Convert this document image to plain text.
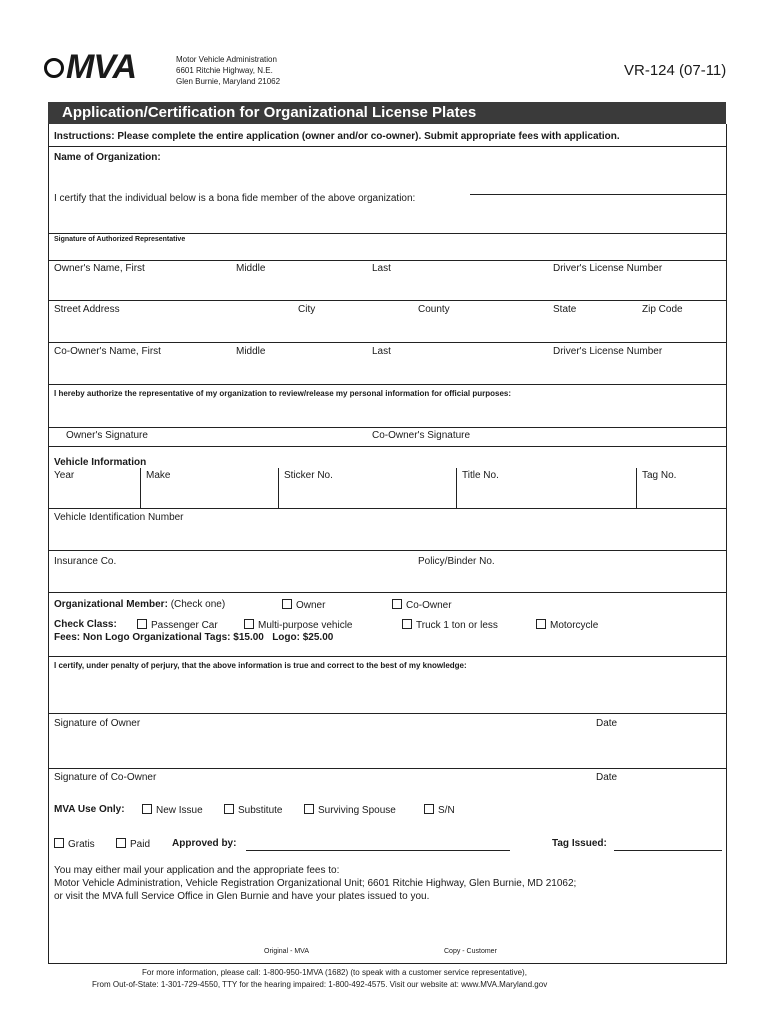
MVA	Motor Vehicle Administration
6601 Ritchie Highway, N.E.
Glen Burnie, Maryland 21062
VR-124 (07-11)
Application/Certification for Organizational License Plates
Instructions: Please complete the entire application (owner and/or co-owner). Submit appropriate fees with application.
Name of Organization:
I certify that the individual below is a bona fide member of the above organization:
Signature of Authorized Representative
Owner's Name, First	Middle	Last	Driver's License Number
Street Address	City	County	State	Zip Code
Co-Owner's Name, First	Middle	Last	Driver's License Number
I hereby authorize the representative of my organization to review/release my personal information for official purposes:
Owner's Signature	Co-Owner's Signature
Vehicle Information
Year	Make	Sticker No.	Title No.	Tag No.
Vehicle Identification Number
Insurance Co.	Policy/Binder No.
Organizational Member: (Check one)	Owner	Co-Owner
Check Class:	Passenger Car	Multi-purpose vehicle	Truck 1 ton or less	Motorcycle
Fees: Non Logo Organizational Tags: $15.00 Logo: $25.00
I certify, under penalty of perjury, that the above information is true and correct to the best of my knowledge:
Signature of Owner	Date
Signature of Co-Owner	Date
MVA Use Only:	New Issue	Substitute	Surviving Spouse	S/N
Gratis	Paid Approved by:	Tag Issued:
You may either mail your application and the appropriate fees to:
Motor Vehicle Administration, Vehicle Registration Organizational Unit; 6601 Ritchie Highway, Glen Burnie, MD 21062;
or visit the MVA full Service Office in Glen Burnie and have your plates issued to you.
Original - MVA	Copy - Customer
For more information, please call: 1-800-950-1MVA (1682) (to speak with a customer service representative),
From Out-of-State: 1-301-729-4550, TTY for the hearing impaired: 1-800-492-4575. Visit our website at: www.MVA.Maryland.gov
